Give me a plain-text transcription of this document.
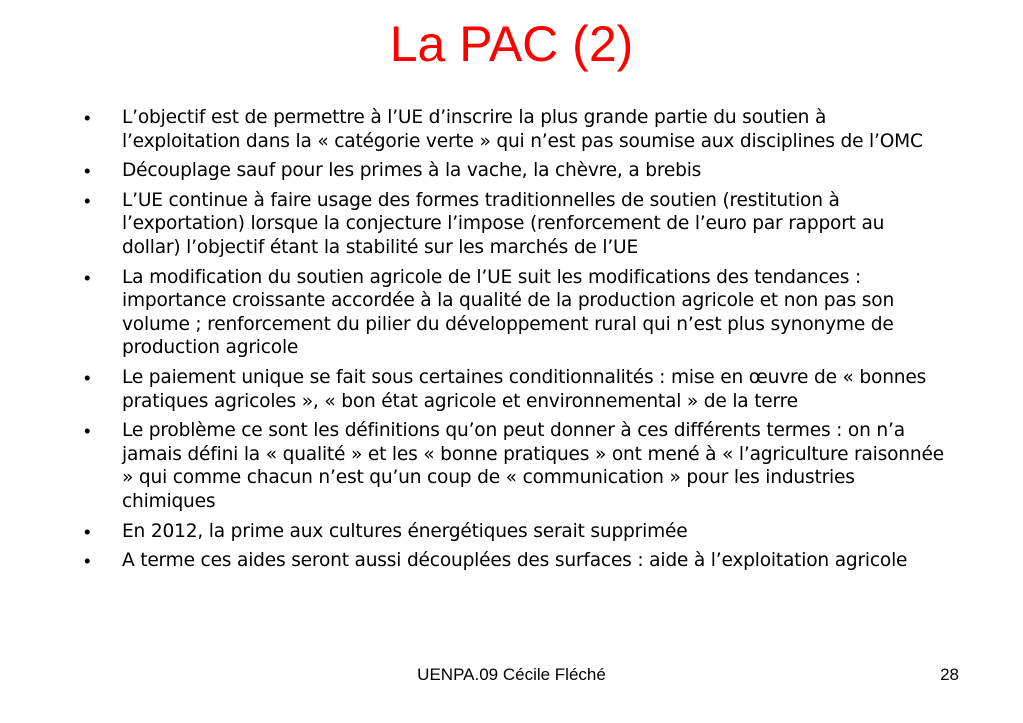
La PAC (2)
•	L’objectif est de permettre à l’UE d’inscrire la plus grande partie du soutien à l’exploitation dans la « catégorie verte » qui n’est pas soumise aux disciplines de l’OMC
•	Découplage sauf pour les primes à la vache, la chèvre, a brebis
•	L’UE continue à faire usage des formes traditionnelles de soutien (restitution à l’exportation) lorsque la conjecture l’impose (renforcement de l’euro par rapport au dollar) l’objectif étant la stabilité sur les marchés de l’UE
•	La modification du soutien agricole de l’UE suit les modifications des tendances : importance croissante accordée à la qualité de la production agricole et non pas son volume ; renforcement du pilier du développement rural qui n’est plus synonyme de production agricole
•	Le paiement unique se fait sous certaines conditionnalités : mise en œuvre de « bonnes pratiques agricoles », « bon état agricole et environnemental » de la terre
•	Le problème ce sont les définitions qu’on peut donner à ces différents termes : on n’a jamais défini la « qualité » et les « bonne pratiques » ont mené à « l’agriculture raisonnée » qui comme chacun n’est qu’un coup de « communication » pour les industries chimiques
•	En 2012, la prime aux cultures énergétiques serait supprimée
•	A terme ces aides seront aussi découplées des surfaces : aide à l’exploitation agricole
UENPA.09 Cécile Fléché	28
